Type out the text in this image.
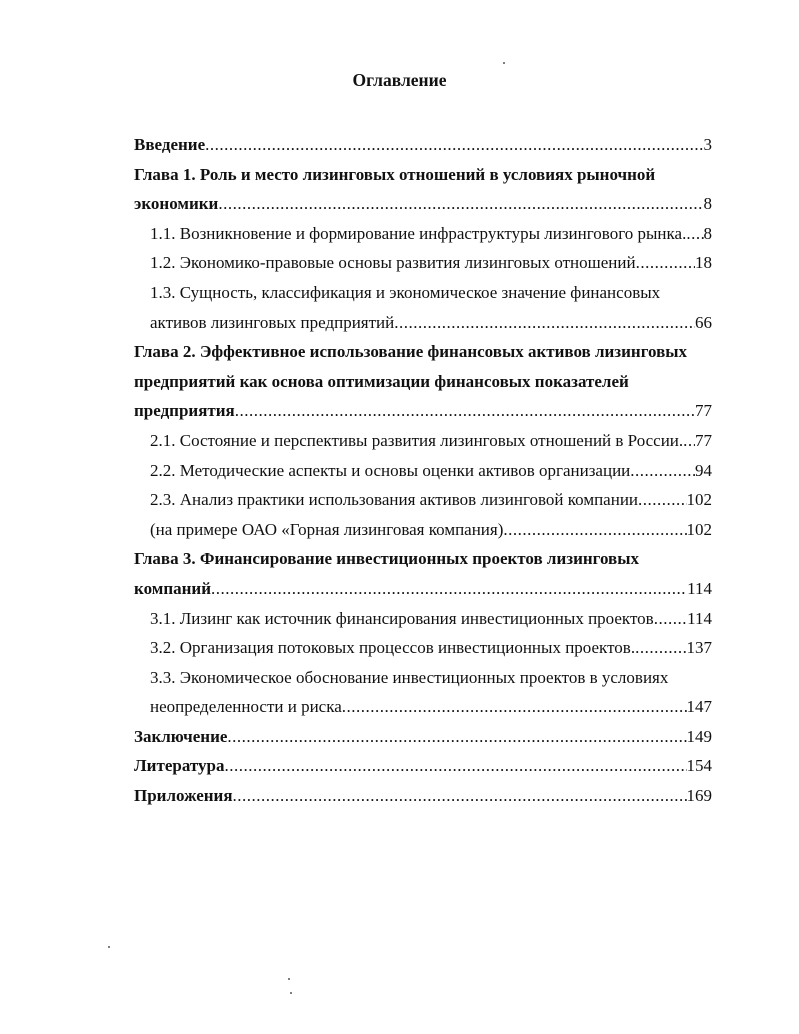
Оглавление
Введение .....	3
Глава 1. Роль и место лизинговых отношений в условиях рыночной
экономики .....	8
1.1. Возникновение и формирование инфраструктуры лизингового рынка. ..... 8
1.2. Экономико-правовые основы развития лизинговых отношений .....	18
1.3. Сущность, классификация и экономическое значение финансовых
активов лизинговых предприятий .....	66
Глава 2. Эффективное использование финансовых активов лизинговых
предприятий как основа оптимизации финансовых показателей
предприятия .....	77
2.1. Состояние и перспективы развития лизинговых отношений в России. ..... 77
2.2. Методические аспекты и основы оценки активов организации .....	94
2.3. Анализ практики использования активов лизинговой компании .....	102
(на примере ОАО «Горная лизинговая компания) .....	102
Глава 3. Финансирование инвестиционных проектов лизинговых
компаний .....	114
3.1. Лизинг как источник финансирования инвестиционных проектов ..... 114
3.2. Организация потоковых процессов инвестиционных проектов. .....	137
3.3. Экономическое обоснование инвестиционных проектов в условиях
неопределенности и риска .....	147
Заключение .....	149
Литература .....	154
Приложения .....	169
